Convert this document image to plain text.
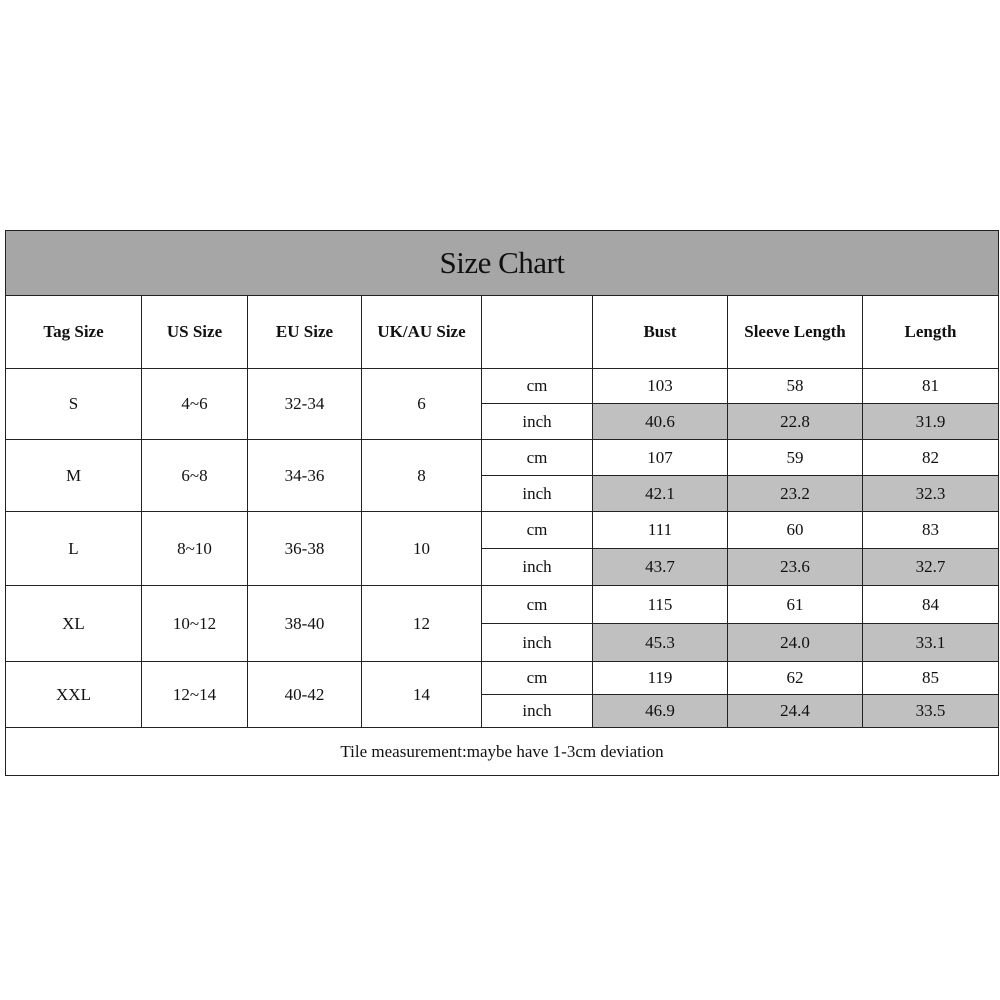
Size Chart							
Tag Size	US Size	EU Size	UK/AU Size		Bust	Sleeve Length	Length
S	4~6	32-34	6	cm	103	58	81
				inch	40.6	22.8	31.9
M	6~8	34-36	8	cm	107	59	82
				inch	42.1	23.2	32.3
L	8~10	36-38	10	cm	111	60	83
				inch	43.7	23.6	32.7
XL	10~12	38-40	12	cm	115	61	84
				inch	45.3	24.0	33.1
XXL	12~14	40-42	14	cm	119	62	85
				inch	46.9	24.4	33.5
Tile measurement:maybe have 1-3cm deviation							
